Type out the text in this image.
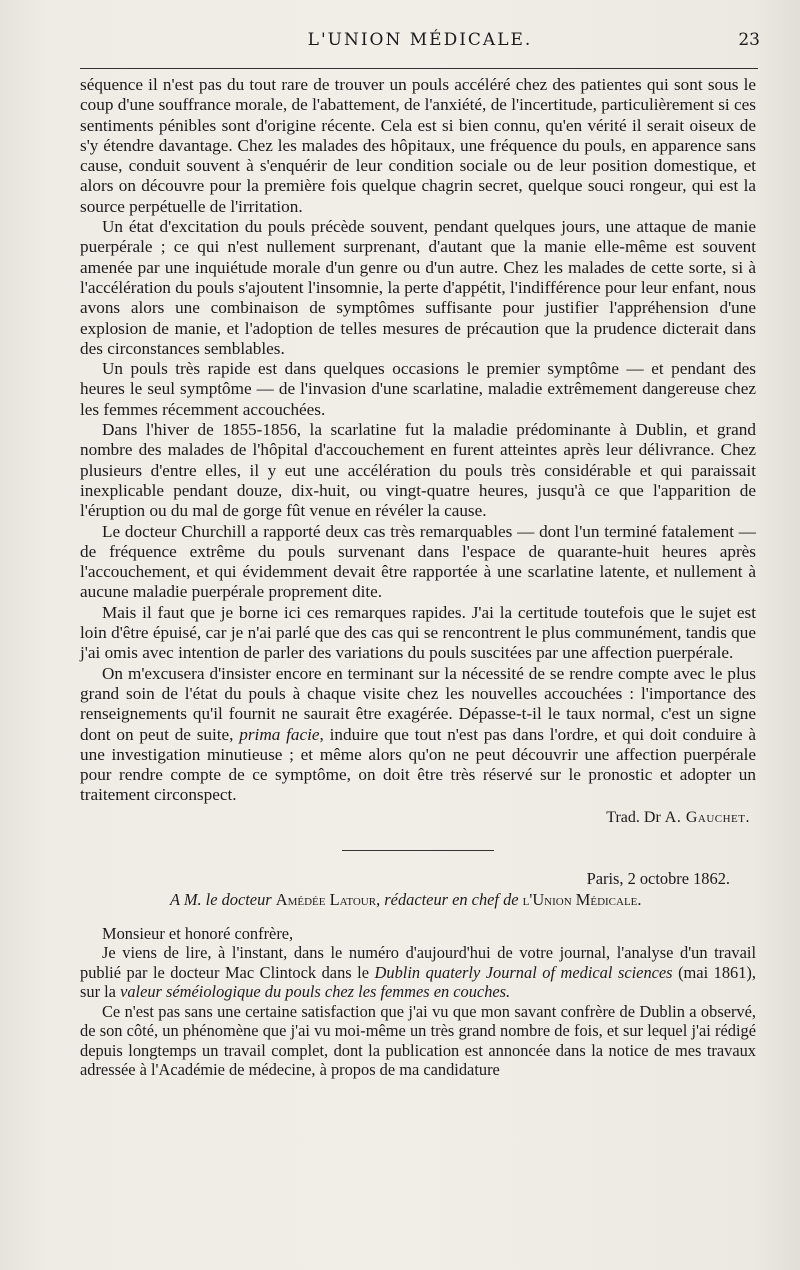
L'UNION MÉDICALE.	23

séquence il n'est pas du tout rare de trouver un pouls accéléré chez des patientes qui sont sous le coup d'une souffrance morale, de l'abattement, de l'anxiété, de l'incertitude, particulièrement si ces sentiments pénibles sont d'origine récente. Cela est si bien connu, qu'en vérité il serait oiseux de s'y étendre davantage. Chez les malades des hôpitaux, une fréquence du pouls, en apparence sans cause, conduit souvent à s'enquérir de leur condition sociale ou de leur position domestique, et alors on découvre pour la première fois quelque chagrin secret, quelque souci rongeur, qui est la source perpétuelle de l'irritation.

Un état d'excitation du pouls précède souvent, pendant quelques jours, une attaque de manie puerpérale ; ce qui n'est nullement surprenant, d'autant que la manie elle-même est souvent amenée par une inquiétude morale d'un genre ou d'un autre. Chez les malades de cette sorte, si à l'accélération du pouls s'ajoutent l'insomnie, la perte d'appétit, l'indifférence pour leur enfant, nous avons alors une combinaison de symptômes suffisante pour justifier l'appréhension d'une explosion de manie, et l'adoption de telles mesures de précaution que la prudence dicterait dans des circonstances semblables.

Un pouls très rapide est dans quelques occasions le premier symptôme — et pendant des heures le seul symptôme — de l'invasion d'une scarlatine, maladie extrêmement dangereuse chez les femmes récemment accouchées.

Dans l'hiver de 1855-1856, la scarlatine fut la maladie prédominante à Dublin, et grand nombre des malades de l'hôpital d'accouchement en furent atteintes après leur délivrance. Chez plusieurs d'entre elles, il y eut une accélération du pouls très considérable et qui paraissait inexplicable pendant douze, dix-huit, ou vingt-quatre heures, jusqu'à ce que l'apparition de l'éruption ou du mal de gorge fût venue en révéler la cause.

Le docteur Churchill a rapporté deux cas très remarquables — dont l'un terminé fatalement — de fréquence extrême du pouls survenant dans l'espace de quarante-huit heures après l'accouchement, et qui évidemment devait être rapportée à une scarlatine latente, et nullement à aucune maladie puerpérale proprement dite.

Mais il faut que je borne ici ces remarques rapides. J'ai la certitude toutefois que le sujet est loin d'être épuisé, car je n'ai parlé que des cas qui se rencontrent le plus communément, tandis que j'ai omis avec intention de parler des variations du pouls suscitées par une affection puerpérale.

On m'excusera d'insister encore en terminant sur la nécessité de se rendre compte avec le plus grand soin de l'état du pouls à chaque visite chez les nouvelles accouchées : l'importance des renseignements qu'il fournit ne saurait être exagérée. Dépasse-t-il le taux normal, c'est un signe dont on peut de suite, prima facie, induire que tout n'est pas dans l'ordre, et qui doit conduire à une investigation minutieuse ; et même alors qu'on ne peut découvrir une affection puerpérale pour rendre compte de ce symptôme, on doit être très réservé sur le pronostic et adopter un traitement circonspect.

Trad. Dr A. Gauchet.

Paris, 2 octobre 1862.

A M. le docteur Amédée Latour, rédacteur en chef de l'Union Médicale.

Monsieur et honoré confrère,

Je viens de lire, à l'instant, dans le numéro d'aujourd'hui de votre journal, l'analyse d'un travail publié par le docteur Mac Clintock dans le Dublin quaterly Journal of medical sciences (mai 1861), sur la valeur séméiologique du pouls chez les femmes en couches.

Ce n'est pas sans une certaine satisfaction que j'ai vu que mon savant confrère de Dublin a observé, de son côté, un phénomène que j'ai vu moi-même un très grand nombre de fois, et sur lequel j'ai rédigé depuis longtemps un travail complet, dont la publication est annoncée dans la notice de mes travaux adressée à l'Académie de médecine, à propos de ma candidature
